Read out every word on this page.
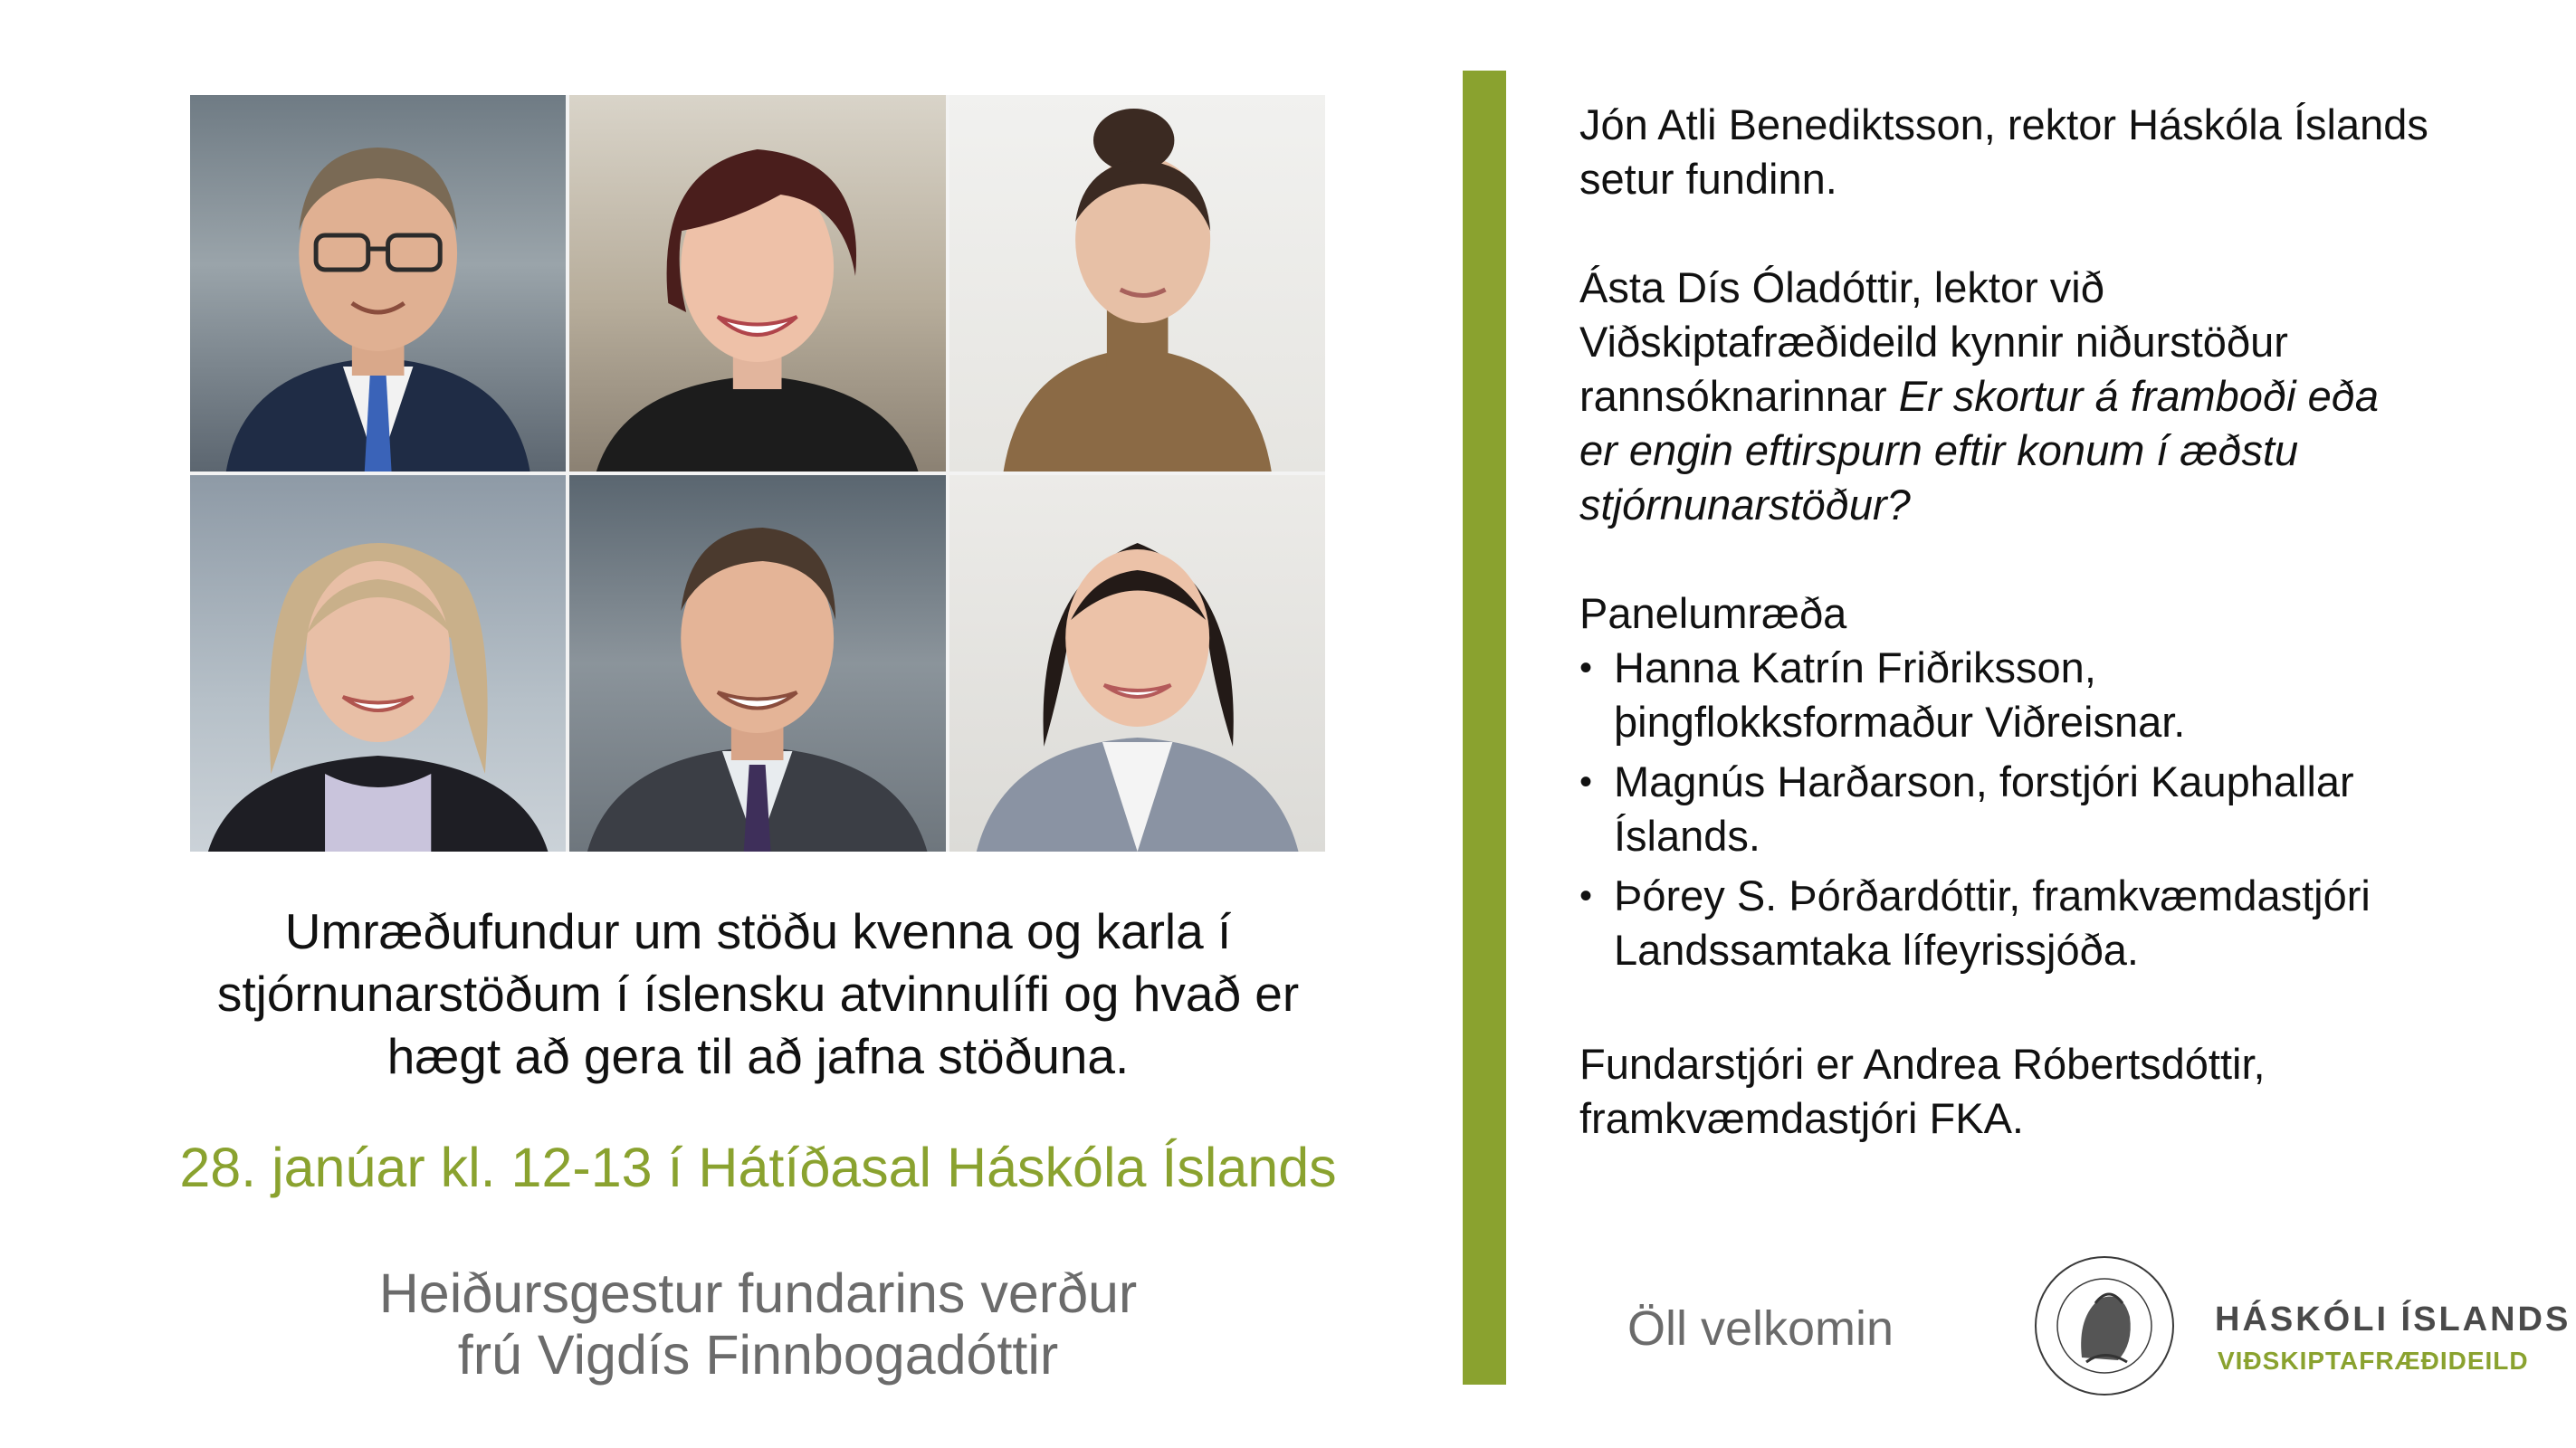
Umræðufundur um stöðu kvenna og karla í
stjórnunarstöðum í íslensku atvinnulífi og hvað er
hægt að gera til að jafna stöðuna.

28. janúar kl. 12-13 í Hátíðasal Háskóla Íslands

Heiðursgestur fundarins verður
frú Vigdís Finnbogadóttir

Jón Atli Benediktsson, rektor Háskóla Íslands
setur fundinn.

Ásta Dís Óladóttir, lektor við
Viðskiptafræðideild kynnir niðurstöður
rannsóknarinnar Er skortur á framboði eða
er engin eftirspurn eftir konum í æðstu
stjórnunarstöður?

Panelumræða

• Hanna Katrín Friðriksson,
þingflokksformaður Viðreisnar.
• Magnús Harðarson, forstjóri Kauphallar
Íslands.
• Þórey S. Þórðardóttir, framkvæmdastjóri
Landssamtaka lífeyrissjóða.

Fundarstjóri er Andrea Róbertsdóttir,
framkvæmdastjóri FKA.

Öll velkomin	HÁSKÓLI ÍSLANDS
VIÐSKIPTAFRÆÐIDEILD
